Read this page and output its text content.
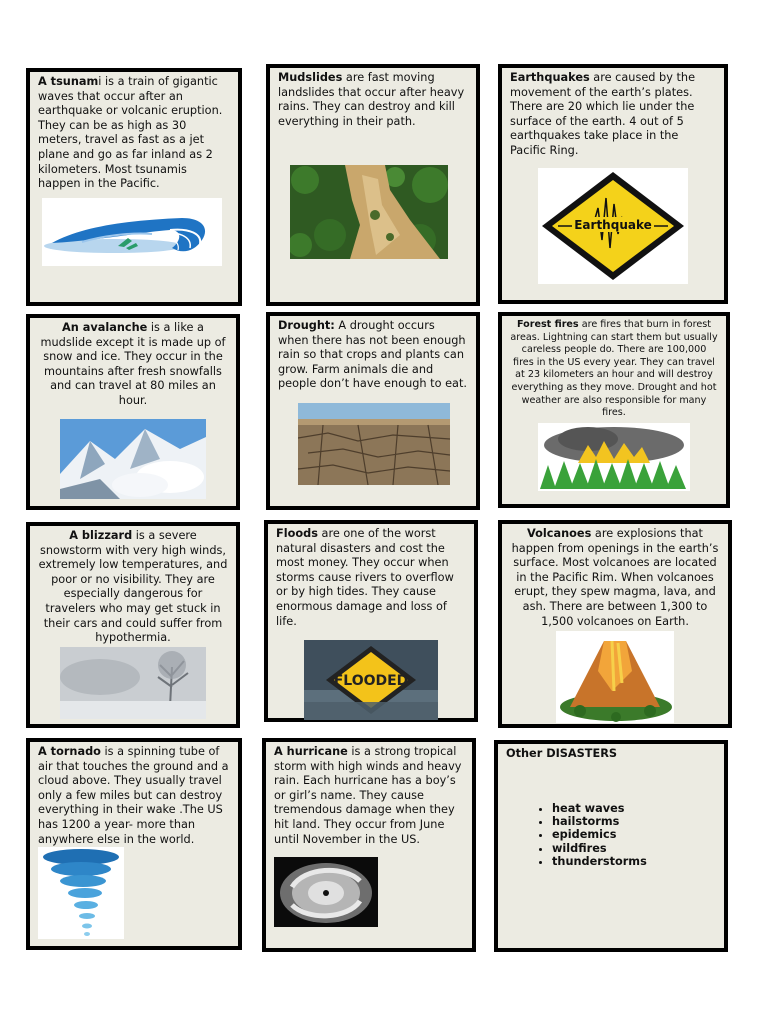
A tsunami is a train of gigantic waves that occur after an earthquake or volcanic eruption. They can be as high as 30 meters, travel as fast as a jet plane and go as far inland as 2 kilometers. Most tsunamis happen in the Pacific.

Mudslides are fast moving landslides that occur after heavy rains. They can destroy and kill everything in their path.

Earthquakes are caused by the movement of the earth’s plates. There are 20 which lie under the surface of the earth. 4 out of 5 earthquakes take place in the Pacific Ring.

Earthquake

An avalanche is a like a mudslide except it is made up of snow and ice. They occur in the mountains after fresh snowfalls and can travel at 80 miles an hour.

Drought: A drought occurs when there has not been enough rain so that crops and plants can grow. Farm animals die and people don’t have enough to eat.

Forest fires are fires that burn in forest areas. Lightning can start them but usually careless people do. There are 100,000 fires in the US every year. They can travel at 23 kilometers an hour and will destroy everything as they move. Drought and hot weather are also responsible for many fires.

A blizzard is a severe snowstorm with very high winds, extremely low temperatures, and poor or no visibility. They are especially dangerous for travelers who may get stuck in their cars and could suffer from hypothermia.

Floods are one of the worst natural disasters and cost the most money. They occur when storms cause rivers to overflow or by high tides. They cause enormous damage and loss of life.

FLOODED

Volcanoes are explosions that happen from openings in the earth’s surface. Most volcanoes are located in the Pacific Rim. When volcanoes erupt, they spew magma, lava, and ash. There are between 1,300 to 1,500 volcanoes on Earth.

A tornado is a spinning tube of air that touches the ground and a cloud above. They usually travel only a few miles but can destroy everything in their wake .The US has 1200 a year- more than anywhere else in the world.

A hurricane is a strong tropical storm with high winds and heavy rain. Each hurricane has a boy’s or girl’s name. They cause tremendous damage when they hit land. They occur from June until November in the US.

Other DISASTERS

• heat waves
• hailstorms
• epidemics
• wildfires
• thunderstorms
